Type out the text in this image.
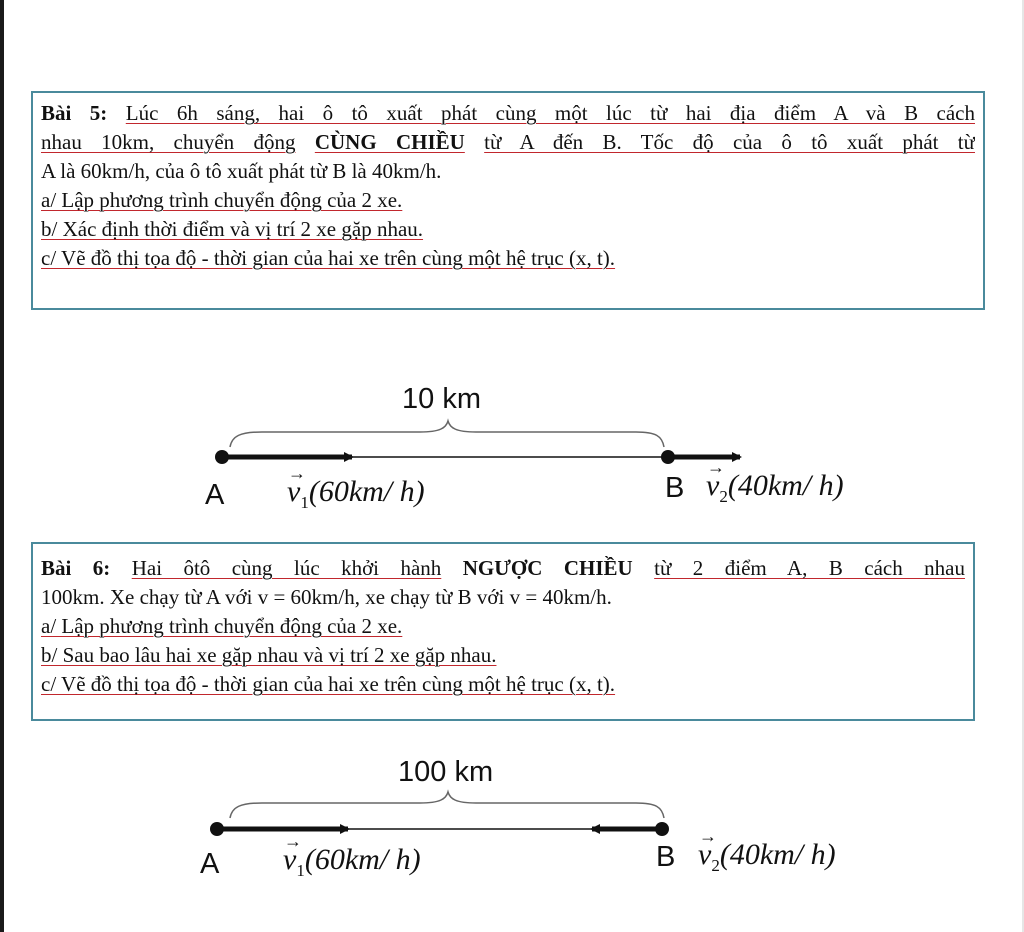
Bài 5: Lúc 6h sáng, hai ô tô xuất phát cùng một lúc từ hai địa điểm A và B cách
nhau 10km, chuyển động CÙNG CHIỀU từ A đến B. Tốc độ của ô tô xuất phát từ
A là 60km/h, của ô tô xuất phát từ B là 40km/h.
a/ Lập phương trình chuyển động của 2 xe.
b/ Xác định thời điểm và vị trí 2 xe gặp nhau.
c/ Vẽ đồ thị tọa độ - thời gian của hai xe trên cùng một hệ trục (x, t).
10 km
A	B
→
$v_1(60km/$ h)
→
$v_2(40km/$ h)
Bài 6: Hai ôtô cùng lúc khởi hành NGƯỢC CHIỀU từ 2 điểm A, B cách nhau
100km. Xe chạy từ A với v = 60km/h, xe chạy từ B với v = 40km/h.
a/ Lập phương trình chuyển động của 2 xe.
b/ Sau bao lâu hai xe gặp nhau và vị trí 2 xe gặp nhau.
c/ Vẽ đồ thị tọa độ - thời gian của hai xe trên cùng một hệ trục (x, t).
100 km
A	B
→
$v_1(60km/$ h)
→
$v_2(40km/$ h)
